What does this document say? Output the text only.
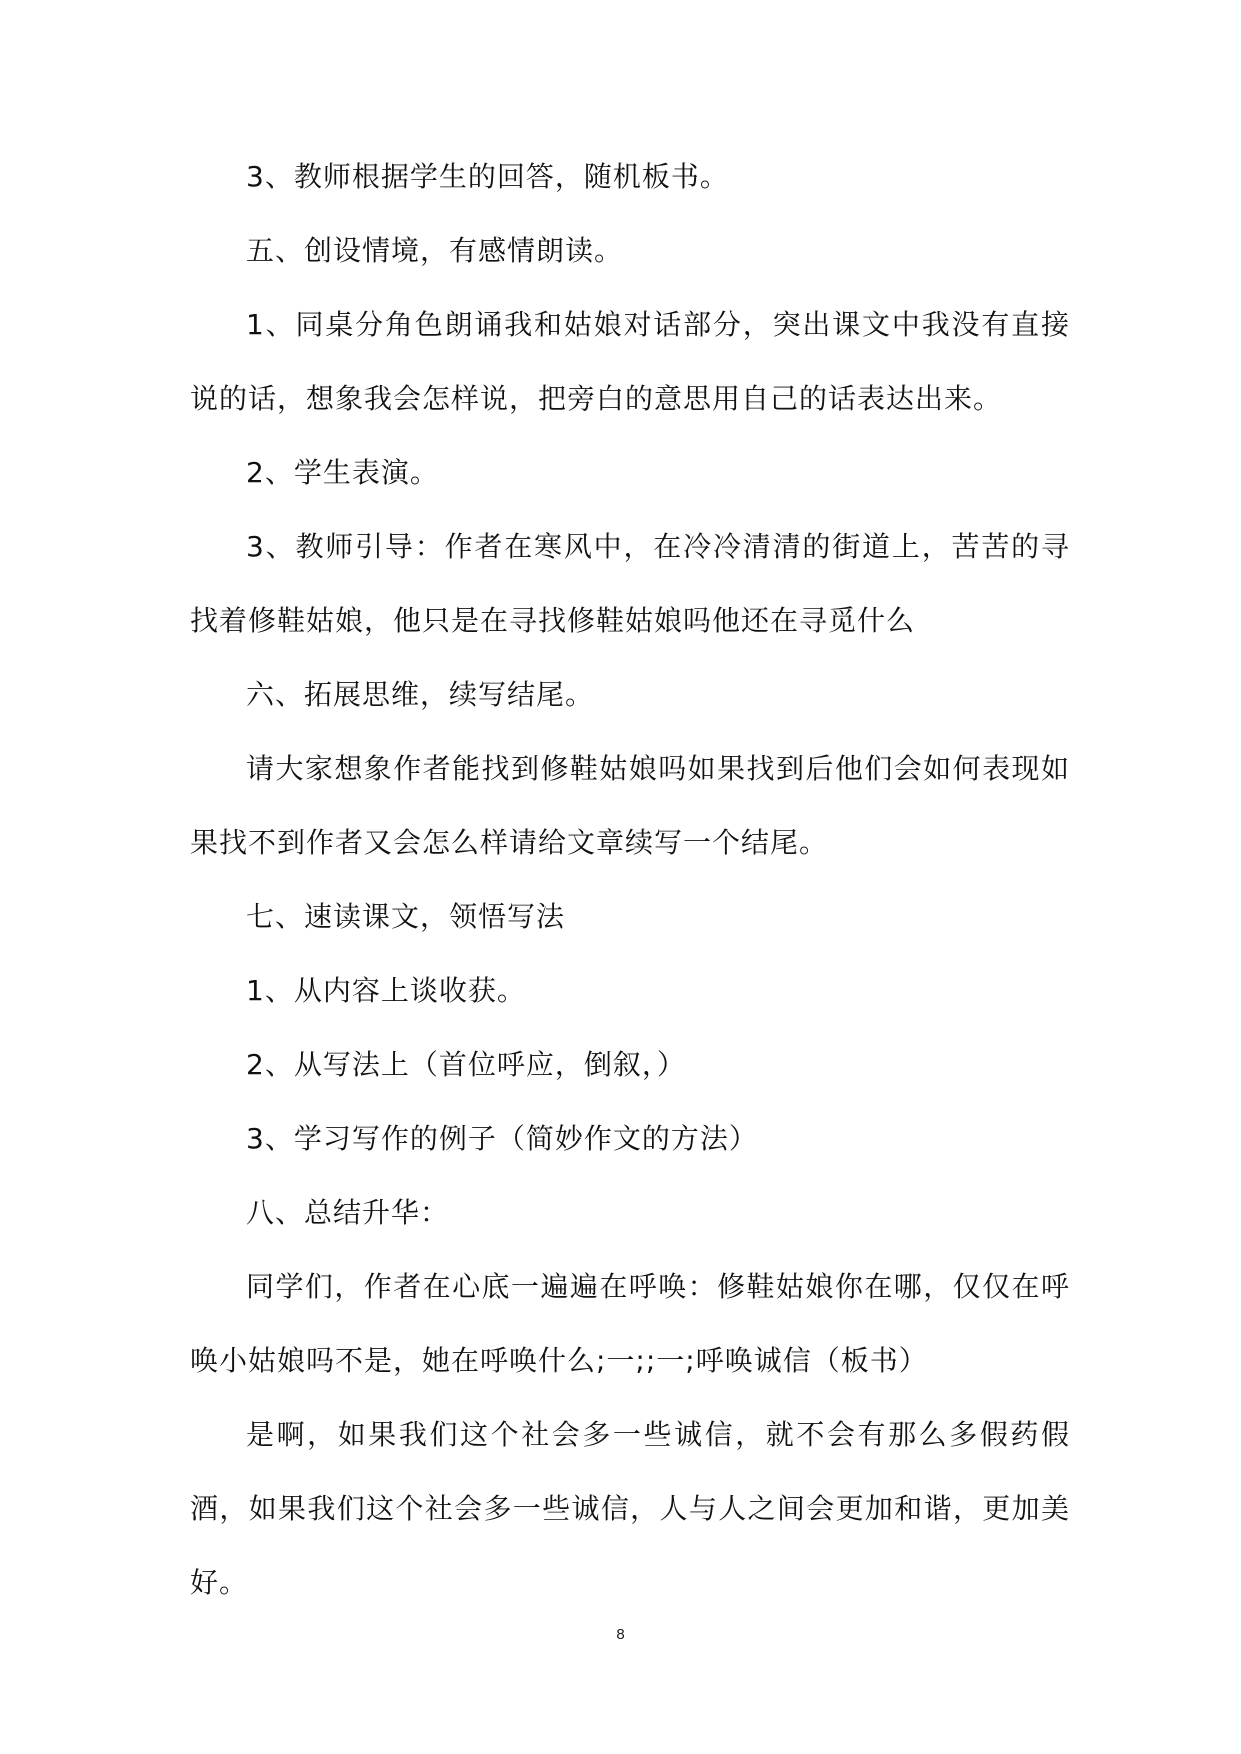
3、教师根据学生的回答，随机板书。

五、创设情境，有感情朗读。

1、同桌分角色朗诵我和姑娘对话部分，突出课文中我没有直接说的话，想象我会怎样说，把旁白的意思用自己的话表达出来。

2、学生表演。

3、教师引导：作者在寒风中，在冷冷清清的街道上，苦苦的寻找着修鞋姑娘，他只是在寻找修鞋姑娘吗他还在寻觅什么

六、拓展思维，续写结尾。

请大家想象作者能找到修鞋姑娘吗如果找到后他们会如何表现如果找不到作者又会怎么样请给文章续写一个结尾。

七、速读课文，领悟写法

1、从内容上谈收获。

2、从写法上（首位呼应，倒叙，）

3、学习写作的例子（简妙作文的方法）

八、总结升华：

同学们，作者在心底一遍遍在呼唤：修鞋姑娘你在哪，仅仅在呼唤小姑娘吗不是，她在呼唤什么;一;;一;呼唤诚信（板书）

是啊，如果我们这个社会多一些诚信，就不会有那么多假药假酒，如果我们这个社会多一些诚信，人与人之间会更加和谐，更加美好。

8
